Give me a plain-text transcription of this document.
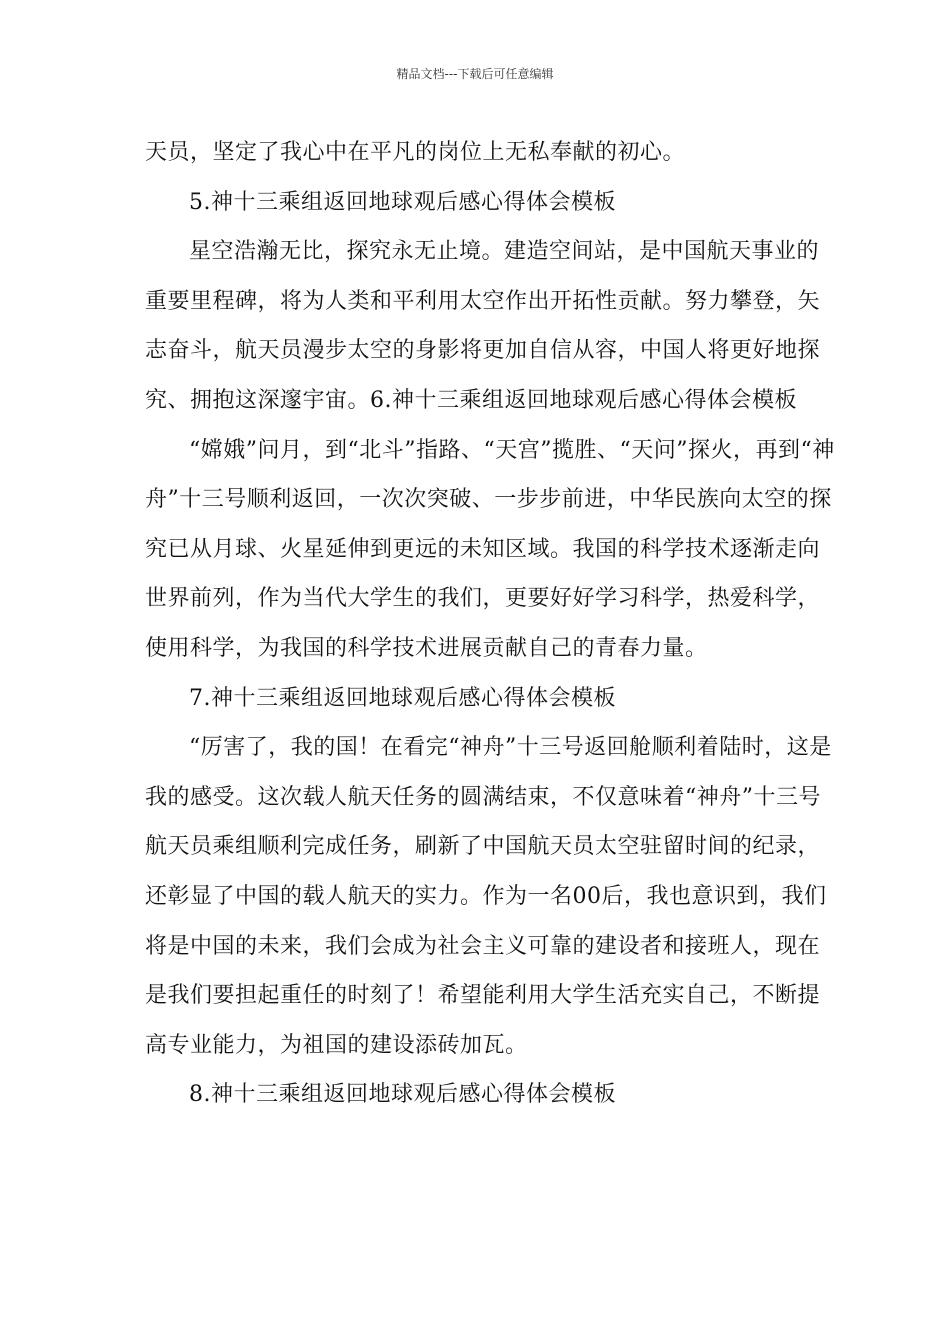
精品文档---下载后可任意编辑

天员，坚定了我心中在平凡的岗位上无私奉献的初心。

5.神十三乘组返回地球观后感心得体会模板

星空浩瀚无比，探究永无止境。建造空间站，是中国航天事业的重要里程碑，将为人类和平利用太空作出开拓性贡献。努力攀登，矢志奋斗，航天员漫步太空的身影将更加自信从容，中国人将更好地探究、拥抱这深邃宇宙。6.神十三乘组返回地球观后感心得体会模板

“嫦娥”问月，到“北斗”指路、“天宫”揽胜、“天问”探火，再到“神舟”十三号顺利返回，一次次突破、一步步前进，中华民族向太空的探究已从月球、火星延伸到更远的未知区域。我国的科学技术逐渐走向世界前列，作为当代大学生的我们，更要好好学习科学，热爱科学，使用科学，为我国的科学技术进展贡献自己的青春力量。

7.神十三乘组返回地球观后感心得体会模板

“厉害了，我的国！在看完“神舟”十三号返回舱顺利着陆时，这是我的感受。这次载人航天任务的圆满结束，不仅意味着“神舟”十三号航天员乘组顺利完成任务，刷新了中国航天员太空驻留时间的纪录，还彰显了中国的载人航天的实力。作为一名00后，我也意识到，我们将是中国的未来，我们会成为社会主义可靠的建设者和接班人，现在是我们要担起重任的时刻了！希望能利用大学生活充实自己，不断提高专业能力，为祖国的建设添砖加瓦。

8.神十三乘组返回地球观后感心得体会模板
